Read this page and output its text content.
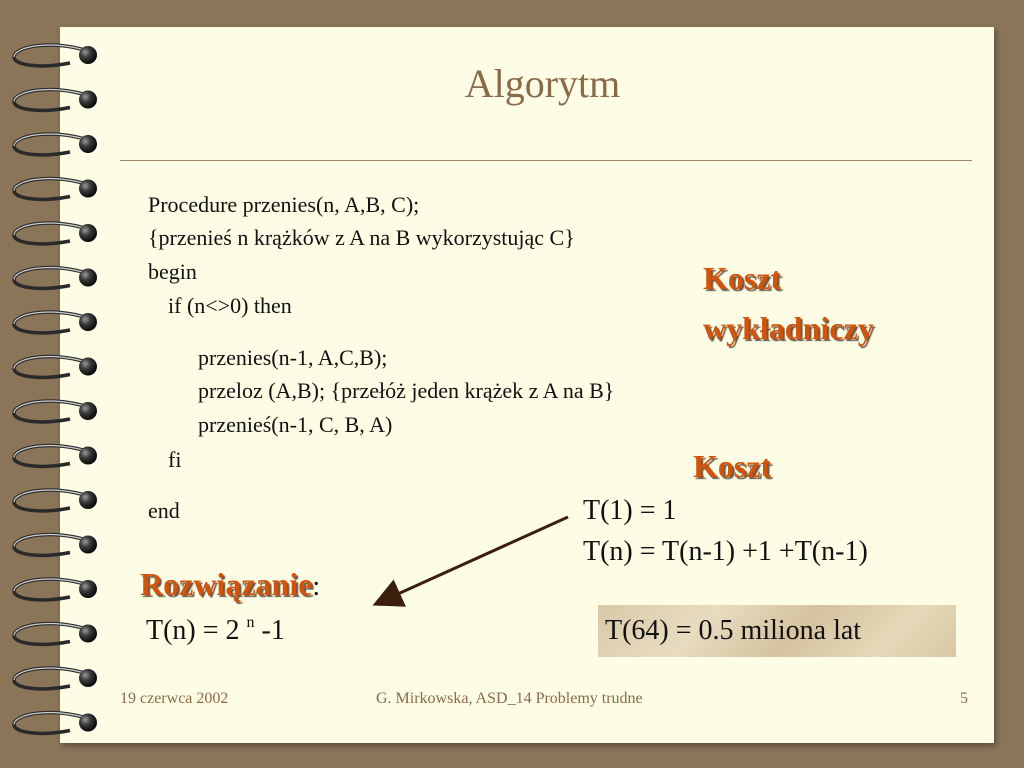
Algorytm
Procedure przenies(n, A,B, C);
{przenieś n krążków z A na B wykorzystując C}
begin
if (n<>0) then
przenies(n-1, A,C,B);
przeloz (A,B); {przełóż jeden krążek z A na B}
przenieś(n-1, C, B, A)
fi
end
Koszt
wykładniczy
Koszt
T(1) = 1
T(n) = T(n-1) +1 +T(n-1)
Rozwiązanie:
T(n) = 2 $^n$ -1	T(64) = 0.5 miliona lat
19 czerwca 2002	G. Mirkowska, ASD_14 Problemy trudne	5
